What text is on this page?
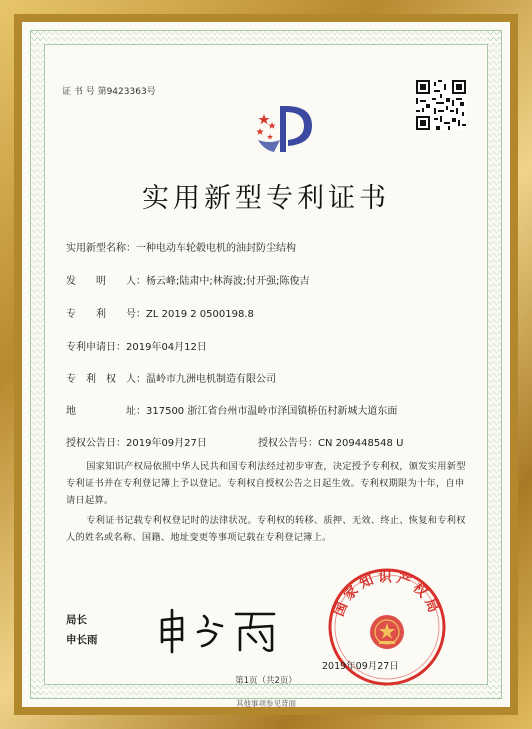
证 书 号 第9423363号
实用新型专利证书
实用新型名称：一种电动车轮毂电机的油封防尘结构
发　　明　　人：杨云峰;陆肃中;林海波;付开强;陈俊吉
专　　利　　号：ZL 2019 2 0500198.8
专利申请日：2019年04月12日
专　利　权　人：温岭市九洲电机制造有限公司
地　　　　　址：317500 浙江省台州市温岭市泽国镇桥伍村新城大道东面
授权公告日：2019年09月27日	授权公告号：CN 209448548 U
国家知识产权局依照中华人民共和国专利法经过初步审查，决定授予专利权，颁发实用新型专利证书并在专利登记簿上予以登记。专利权自授权公告之日起生效。专利权期限为十年，自申请日起算。
专利证书记载专利权登记时的法律状况。专利权的转移、质押、无效、终止、恢复和专利权人的姓名或名称、国籍、地址变更等事项记载在专利登记簿上。
局长
申长雨
国家知识产权局
2019年09月27日
第1页（共2页）
其他事项参见背面
